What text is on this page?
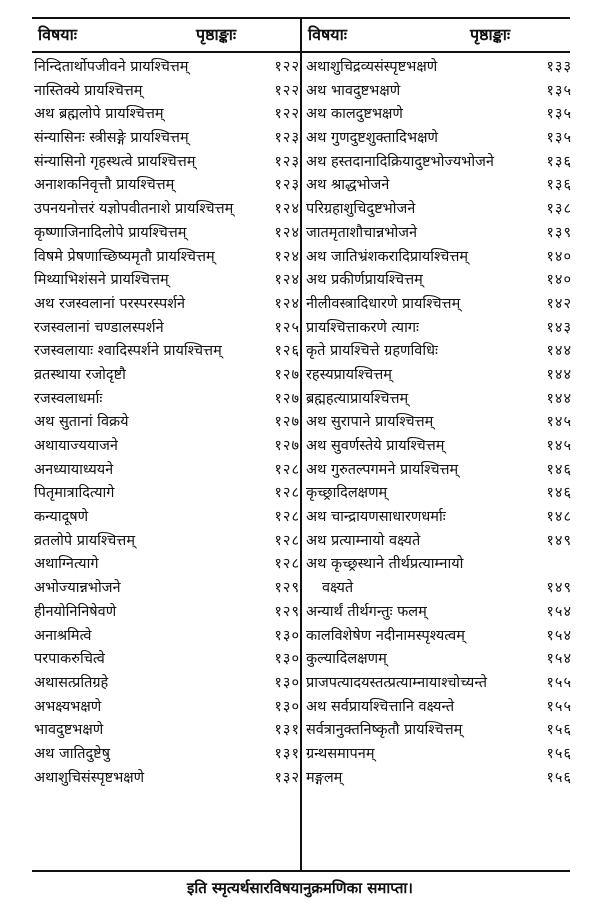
विषयाः	पृष्ठाङ्काः	विषयाः	पृष्ठाङ्काः
निन्दितार्थोपजीवने प्रायश्चित्तम्	१२२
नास्तिक्ये प्रायश्चित्तम्	१२२
अथ ब्रह्मलोपे प्रायश्चित्तम्	१२२
संन्यासिनः स्त्रीसङ्गे प्रायश्चित्तम्	१२३
संन्यासिनो गृहस्थत्वे प्रायश्चित्तम्	१२३
अनाशकनिवृत्तौ प्रायश्चित्तम्	१२३
उपनयनोत्तरं यज्ञोपवीतनाशे प्रायश्चित्तम्	१२४
कृष्णाजिनादिलोपे प्रायश्चित्तम्	१२४
विषमे प्रेषणाच्छिष्यमृतौ प्रायश्चित्तम्	१२४
मिथ्याभिशंसने प्रायश्चित्तम्	१२४
अथ रजस्वलानां परस्परस्पर्शने	१२४
रजस्वलानां चण्डालस्पर्शने	१२५
रजस्वलायाः श्वादिस्पर्शने प्रायश्चित्तम्	१२६
व्रतस्थाया रजोदृष्टौ	१२७
रजस्वलाधर्माः	१२७
अथ सुतानां विक्रये	१२७
अथायाज्ययाजने	१२७
अनध्यायाध्ययने	१२८
पितृमात्रादित्यागे	१२८
कन्यादूषणे	१२८
व्रतलोपे प्रायश्चित्तम्	१२८
अथाग्नित्यागे	१२८
अभोज्यान्नभोजने	१२९
हीनयोनिनिषेवणे	१२९
अनाश्रमित्वे	१३०
परपाकरुचित्वे	१३०
अथासत्प्रतिग्रहे	१३०
अभक्ष्यभक्षणे	१३०
भावदुष्टभक्षणे	१३१
अथ जातिदुष्टेषु	१३१
अथाशुचिसंस्पृष्टभक्षणे	१३२
अथाशुचिद्रव्यसंस्पृष्टभक्षणे	१३३
अथ भावदुष्टभक्षणे	१३५
अथ कालदुष्टभक्षणे	१३५
अथ गुणदुष्टशुक्तादिभक्षणे	१३५
अथ हस्तदानादिक्रियादुष्टभोज्यभोजने	१३६
अथ श्राद्धभोजने	१३६
परिग्रहाशुचिदुष्टभोजने	१३८
जातमृताशौचान्नभोजने	१३९
अथ जातिभ्रंशकरादिप्रायश्चित्तम्	१४०
अथ प्रकीर्णप्रायश्चित्तम्	१४०
नीलीवस्त्रादिधारणे प्रायश्चित्तम्	१४२
प्रायश्चित्ताकरणे त्यागः	१४३
कृते प्रायश्चित्ते ग्रहणविधिः	१४४
रहस्यप्रायश्चित्तम्	१४४
ब्रह्महत्याप्रायश्चित्तम्	१४४
अथ सुरापाने प्रायश्चित्तम्	१४५
अथ सुवर्णस्तेये प्रायश्चित्तम्	१४५
अथ गुरुतल्पगमने प्रायश्चित्तम्	१४६
कृच्छ्रादिलक्षणम्	१४६
अथ चान्द्रायणसाधारणधर्माः	१४८
अथ प्रत्याम्नायो वक्ष्यते	१४९
अथ कृच्छ्रस्थाने तीर्थप्रत्याम्नायो
वक्ष्यते	१४९
अन्यार्थं तीर्थगन्तुः फलम्	१५४
कालविशेषेण नदीनामस्पृश्यत्वम्	१५४
कुल्यादिलक्षणम्	१५४
प्राजपत्यादयस्तत्प्रत्याम्नायाश्चोच्यन्ते	१५५
अथ सर्वप्रायश्चित्तानि वक्ष्यन्ते	१५५
सर्वत्रानुक्तनिष्कृतौ प्रायश्चित्तम्	१५६
ग्रन्थसमापनम्	१५६
मङ्गलम्	१५६
इति स्मृत्यर्थसारविषयानुक्रमणिका समाप्ता।
